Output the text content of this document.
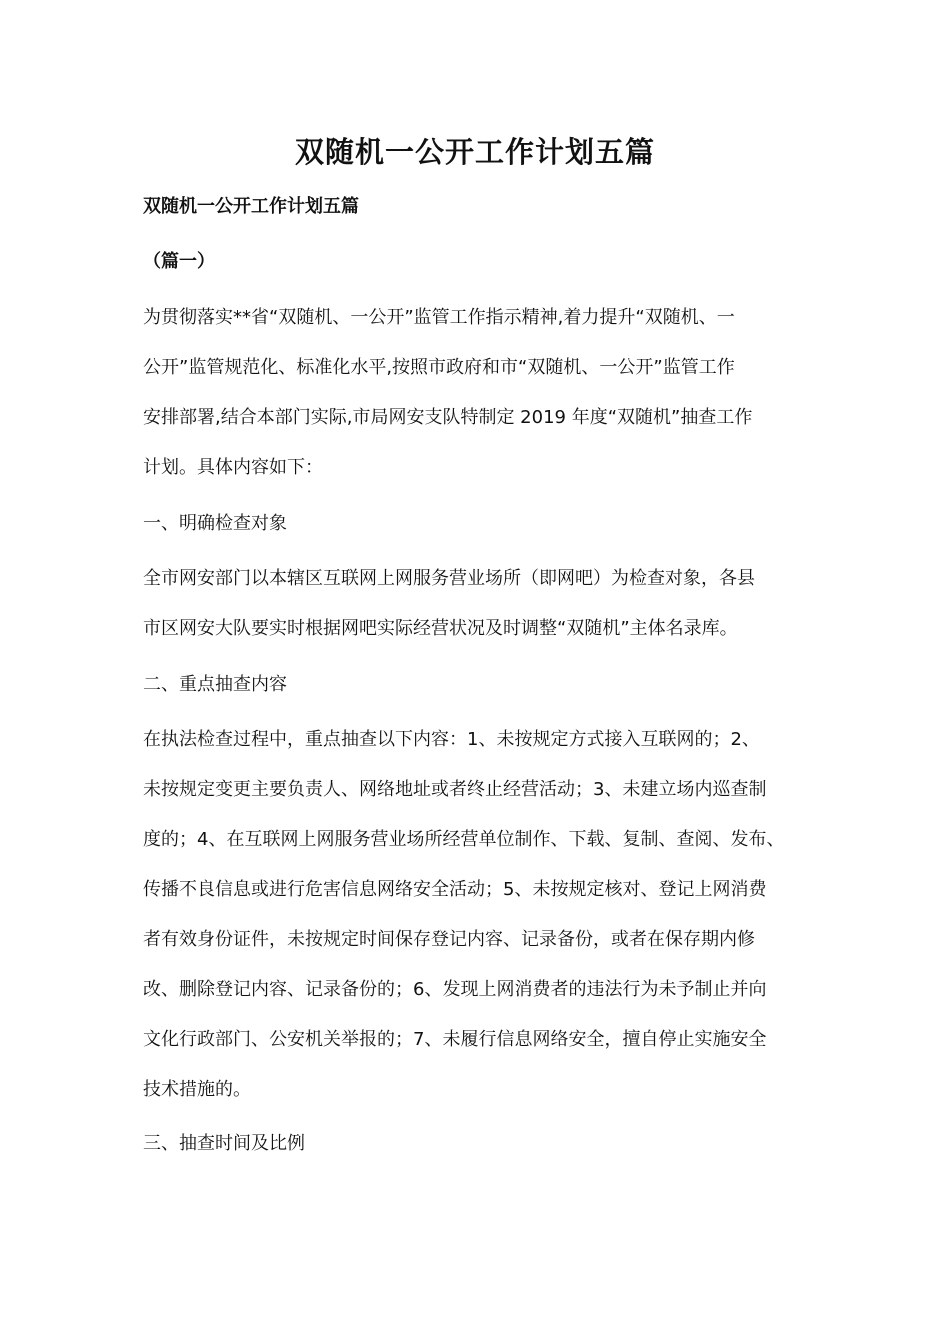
双随机一公开工作计划五篇
双随机一公开工作计划五篇
（篇一）
为贯彻落实**省“双随机、一公开”监管工作指示精神,着力提升“双随机、一
公开”监管规范化、标准化水平,按照市政府和市“双随机、一公开”监管工作
安排部署,结合本部门实际,市局网安支队特制定 2019 年度“双随机”抽查工作
计划。具体内容如下：
一、明确检查对象
全市网安部门以本辖区互联网上网服务营业场所（即网吧）为检查对象，各县
市区网安大队要实时根据网吧实际经营状况及时调整“双随机”主体名录库。
二、重点抽查内容
在执法检查过程中，重点抽查以下内容：1、未按规定方式接入互联网的；2、
未按规定变更主要负责人、网络地址或者终止经营活动；3、未建立场内巡查制
度的；4、在互联网上网服务营业场所经营单位制作、下载、复制、查阅、发布、
传播不良信息或进行危害信息网络安全活动；5、未按规定核对、登记上网消费
者有效身份证件，未按规定时间保存登记内容、记录备份，或者在保存期内修
改、删除登记内容、记录备份的；6、发现上网消费者的违法行为未予制止并向
文化行政部门、公安机关举报的；7、未履行信息网络安全，擅自停止实施安全
技术措施的。
三、抽查时间及比例
